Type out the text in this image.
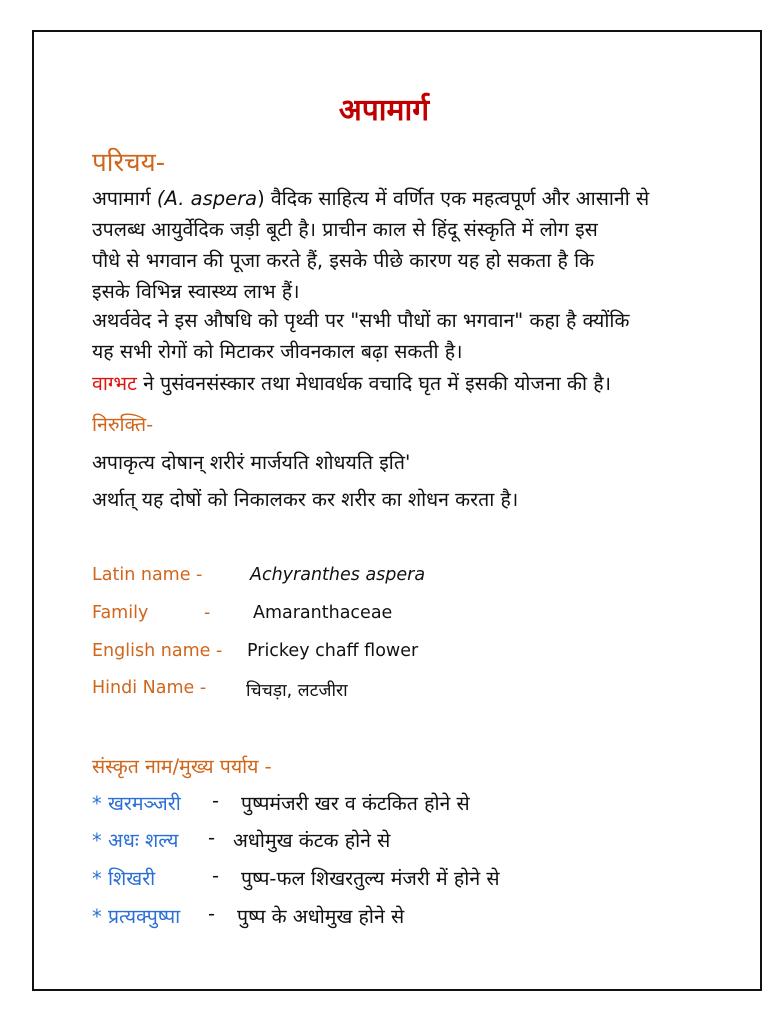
अपामार्ग
परिचय-
अपामार्ग (A. aspera) वैदिक साहित्य में वर्णित एक महत्वपूर्ण और आसानी से
उपलब्ध आयुर्वेदिक जड़ी बूटी है। प्राचीन काल से हिंदू संस्कृति में लोग इस
पौधे से भगवान की पूजा करते हैं, इसके पीछे कारण यह हो सकता है कि
इसके विभिन्न स्वास्थ्य लाभ हैं।
अथर्ववेद ने इस औषधि को पृथ्वी पर "सभी पौधों का भगवान" कहा है क्योंकि
यह सभी रोगों को मिटाकर जीवनकाल बढ़ा सकती है।
वाग्भट ने पुसंवनसंस्कार तथा मेधावर्धक वचादि घृत में इसकी योजना की है।
निरुक्ति-
अपाकृत्य दोषान् शरीरं मार्जयति शोधयति इति'
अर्थात् यह दोषों को निकालकर कर शरीर का शोधन करता है।
Latin name -	Achyranthes aspera
Family          - Amaranthaceae
English name - Prickey chaff flower
Hindi Name - चिचड़ा, लटजीरा
संस्कृत नाम/मुख्य पर्याय -
* खरमञ्जरी - पुष्पमंजरी खर व कंटकित होने से
* अधः शल्य - अधोमुख कंटक होने से
* शिखरी	- पुष्प-फल शिखरतुल्य मंजरी में होने से
* प्रत्यक्पुष्पा - पुष्प के अधोमुख होने से
